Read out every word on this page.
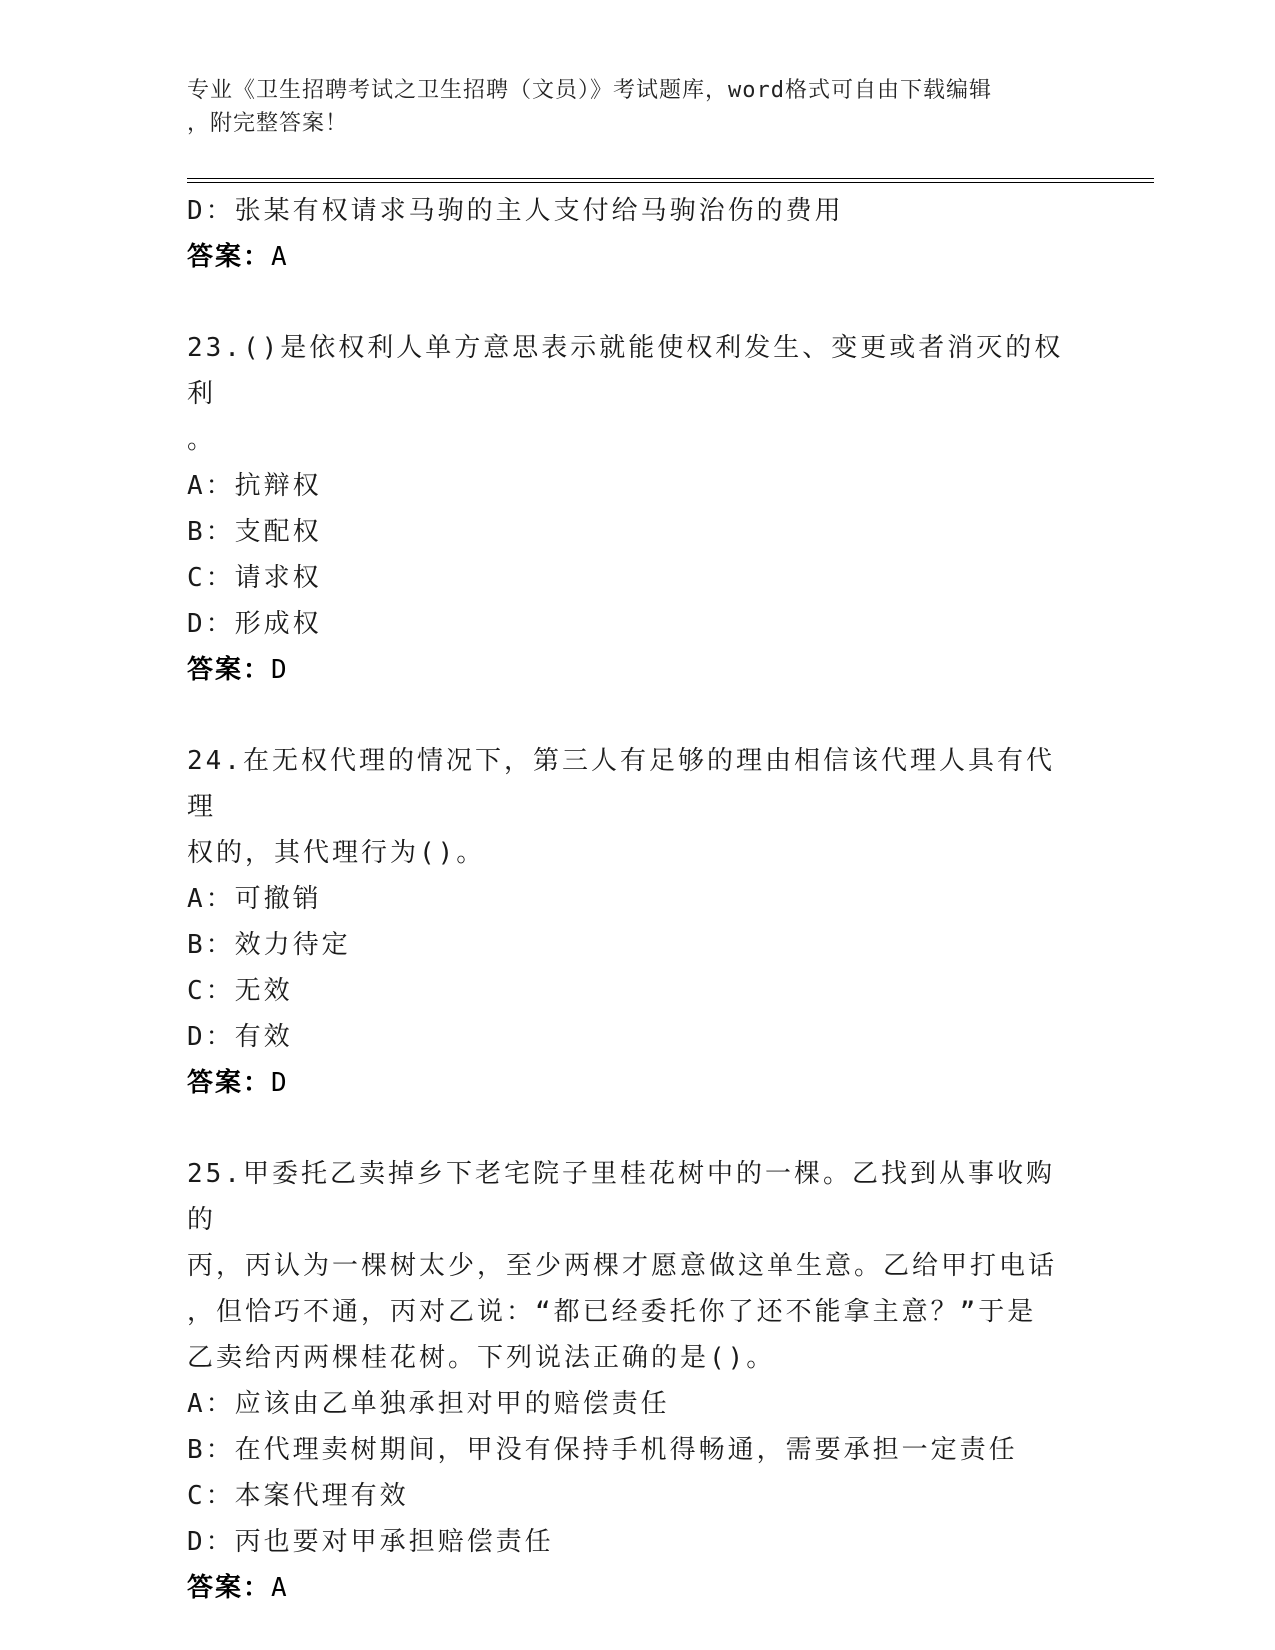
专业《卫生招聘考试之卫生招聘（文员）》考试题库，word格式可自由下载编辑
，附完整答案！
D：张某有权请求马驹的主人支付给马驹治伤的费用
答案：A
23.()是依权利人单方意思表示就能使权利发生、变更或者消灭的权利
。
A：抗辩权
B：支配权
C：请求权
D：形成权
答案：D
24.在无权代理的情况下，第三人有足够的理由相信该代理人具有代理
权的，其代理行为()。
A：可撤销
B：效力待定
C：无效
D：有效
答案：D
25.甲委托乙卖掉乡下老宅院子里桂花树中的一棵。乙找到从事收购的
丙，丙认为一棵树太少，至少两棵才愿意做这单生意。乙给甲打电话
，但恰巧不通，丙对乙说：“都已经委托你了还不能拿主意？”于是
乙卖给丙两棵桂花树。下列说法正确的是()。
A：应该由乙单独承担对甲的赔偿责任
B：在代理卖树期间，甲没有保持手机得畅通，需要承担一定责任
C：本案代理有效
D：丙也要对甲承担赔偿责任
答案：A
